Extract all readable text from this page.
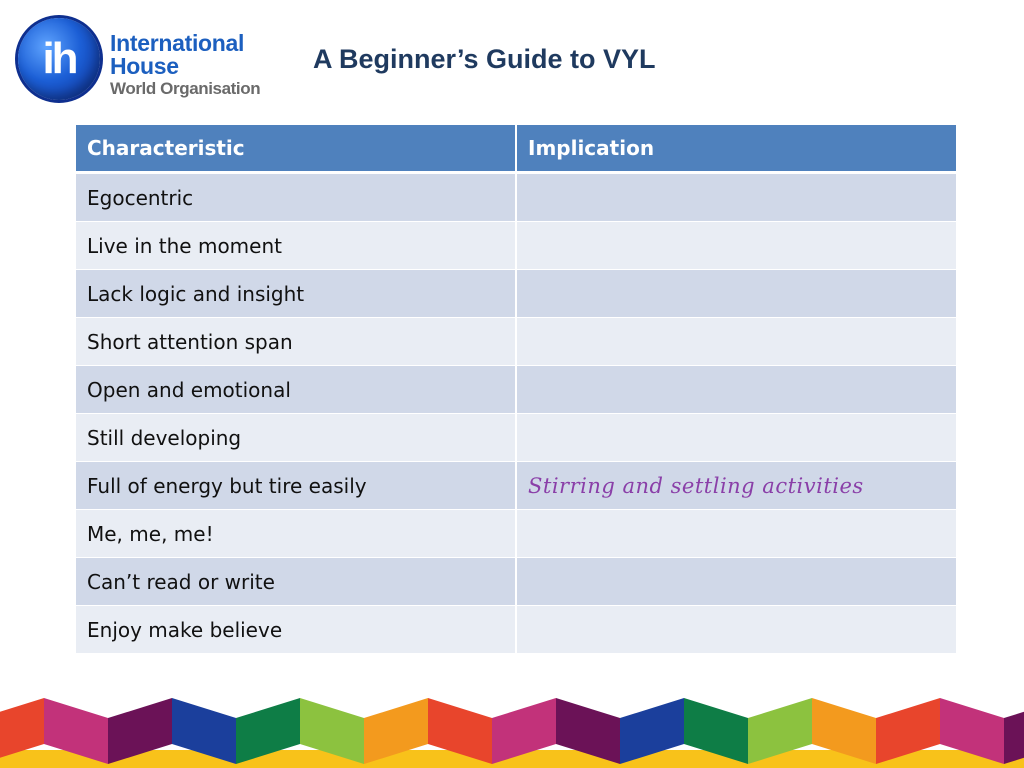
ih	International
House
World Organisation
A Beginner’s Guide to VYL
Characteristic	Implication
Egocentric	
Live in the moment	
Lack logic and insight	
Short attention span	
Open and emotional	
Still developing	
Full of energy but tire easily	Stirring and settling activities
Me, me, me!	
Can’t read or write	
Enjoy make believe	
